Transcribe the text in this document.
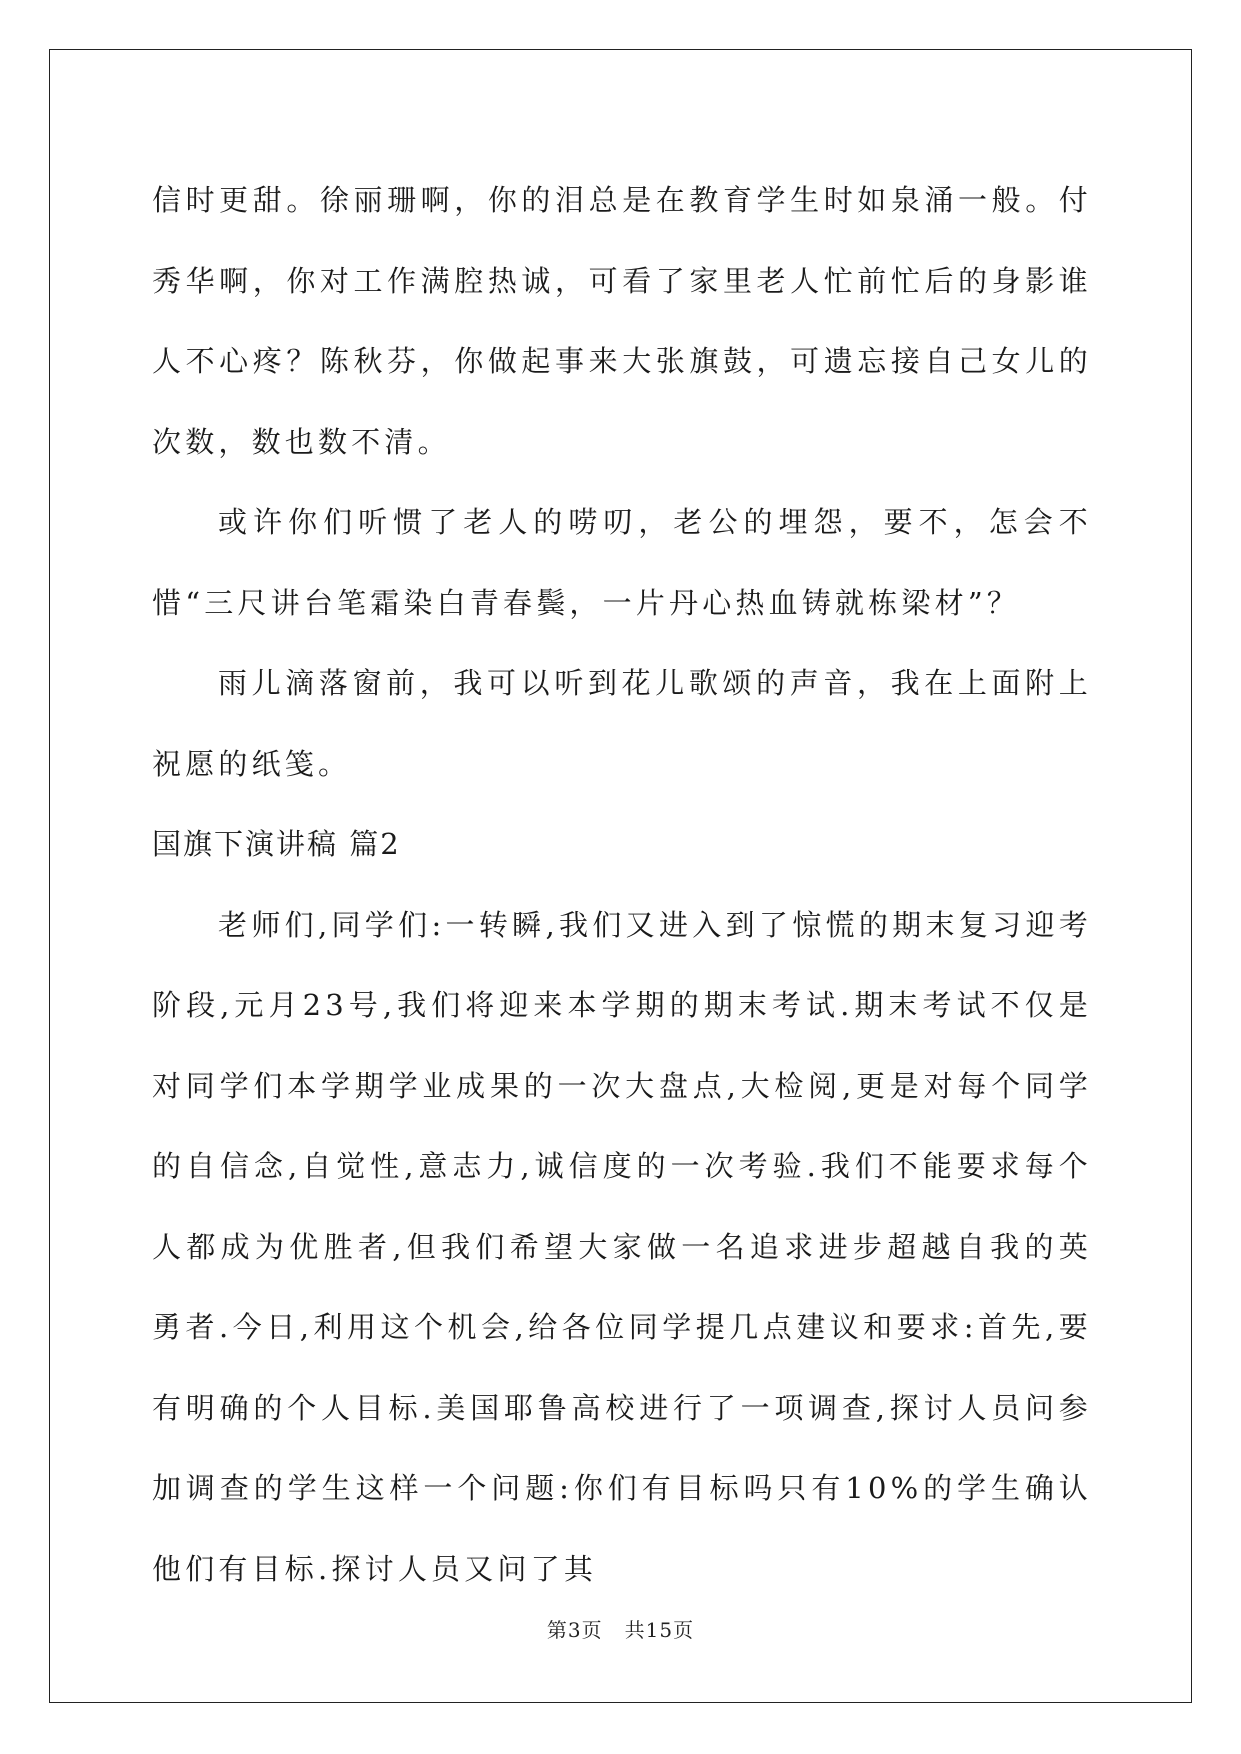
信时更甜。徐丽珊啊，你的泪总是在教育学生时如泉涌一般。付秀华啊，你对工作满腔热诚，可看了家里老人忙前忙后的身影谁人不心疼？陈秋芬，你做起事来大张旗鼓，可遗忘接自己女儿的次数，数也数不清。

或许你们听惯了老人的唠叨，老公的埋怨，要不，怎会不惜“三尺讲台笔霜染白青春鬓，一片丹心热血铸就栋梁材”？

雨儿滴落窗前，我可以听到花儿歌颂的声音，我在上面附上祝愿的纸笺。

国旗下演讲稿 篇2

老师们,同学们:一转瞬,我们又进入到了惊慌的期末复习迎考阶段,元月23号,我们将迎来本学期的期末考试.期末考试不仅是对同学们本学期学业成果的一次大盘点,大检阅,更是对每个同学的自信念,自觉性,意志力,诚信度的一次考验.我们不能要求每个人都成为优胜者,但我们希望大家做一名追求进步超越自我的英勇者.今日,利用这个机会,给各位同学提几点建议和要求:首先,要有明确的个人目标.美国耶鲁高校进行了一项调查,探讨人员问参加调查的学生这样一个问题:你们有目标吗只有10%的学生确认他们有目标.探讨人员又问了其

第3页 共15页
